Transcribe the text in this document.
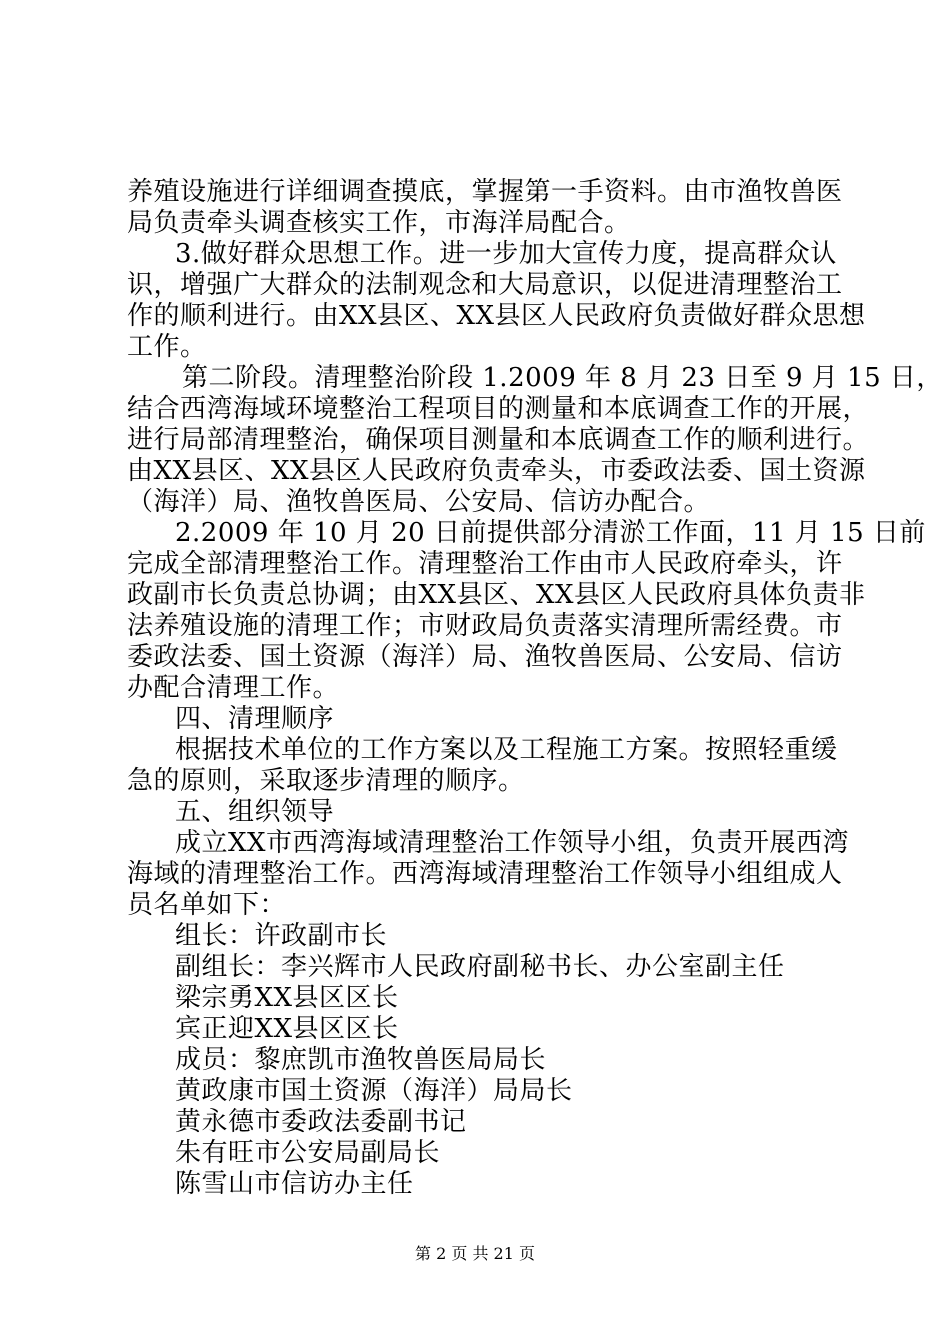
养殖设施进行详细调查摸底，掌握第一手资料。由市渔牧兽医
局负责牵头调查核实工作，市海洋局配合。
3.做好群众思想工作。进一步加大宣传力度，提高群众认
识，增强广大群众的法制观念和大局意识，以促进清理整治工
作的顺利进行。由XX县区、XX县区人民政府负责做好群众思想
工作。
第二阶段。清理整治阶段 1.2009 年 8 月 23 日至 9 月 15 日，
结合西湾海域环境整治工程项目的测量和本底调查工作的开展，
进行局部清理整治，确保项目测量和本底调查工作的顺利进行。
由XX县区、XX县区人民政府负责牵头，市委政法委、国土资源
（海洋）局、渔牧兽医局、公安局、信访办配合。
2.2009 年 10 月 20 日前提供部分清淤工作面，11 月 15 日前
完成全部清理整治工作。清理整治工作由市人民政府牵头，许
政副市长负责总协调；由XX县区、XX县区人民政府具体负责非
法养殖设施的清理工作；市财政局负责落实清理所需经费。市
委政法委、国土资源（海洋）局、渔牧兽医局、公安局、信访
办配合清理工作。
四、清理顺序
根据技术单位的工作方案以及工程施工方案。按照轻重缓
急的原则，采取逐步清理的顺序。
五、组织领导
成立XX市西湾海域清理整治工作领导小组，负责开展西湾
海域的清理整治工作。西湾海域清理整治工作领导小组组成人
员名单如下：
组长：许政副市长
副组长：李兴辉市人民政府副秘书长、办公室副主任
梁宗勇XX县区区长
宾正迎XX县区区长
成员：黎庶凯市渔牧兽医局局长
黄政康市国土资源（海洋）局局长
黄永德市委政法委副书记
朱有旺市公安局副局长
陈雪山市信访办主任
第 2 页 共 21 页
